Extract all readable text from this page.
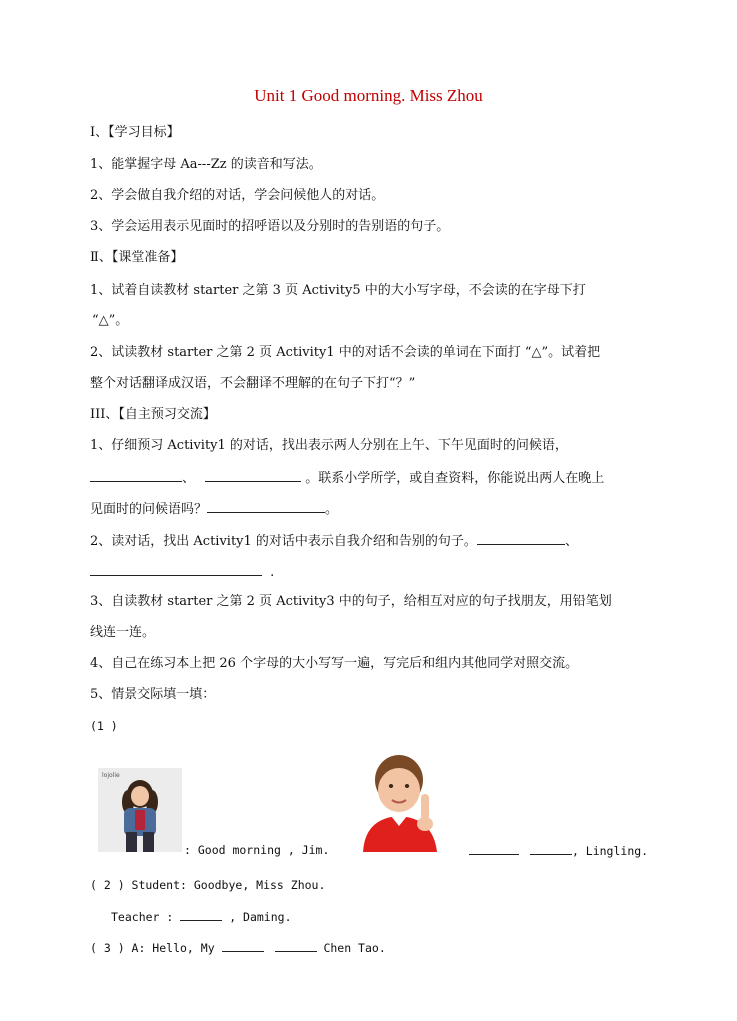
Unit 1 Good morning. Miss Zhou
Ⅰ、【学习目标】
1、能掌握字母 Aa---Zz 的读音和写法。
2、学会做自我介绍的对话，学会问候他人的对话。
3、学会运用表示见面时的招呼语以及分别时的告别语的句子。
Ⅱ、【课堂准备】
1、试着自读教材 starter 之第 3 页 Activity5 中的大小写字母，不会读的在字母下打
“△”。
2、试读教材 starter 之第 2 页 Activity1 中的对话不会读的单词在下面打 “△”。试着把
整个对话翻译成汉语，不会翻译不理解的在句子下打“？”
III、【自主预习交流】
1、仔细预习 Activity1 的对话，找出表示两人分别在上午、下午见面时的问候语，
、	。联系小学所学，或自查资料，你能说出两人在晚上
见面时的问候语吗？	。
2、读对话，找出 Activity1 的对话中表示自我介绍和告别的句子。	、
.
3、自读教材 starter 之第 2 页 Activity3 中的句子，给相互对应的句子找朋友，用铅笔划
线连一连。
4、自己在练习本上把 26 个字母的大小写写一遍，写完后和组内其他同学对照交流。
5、情景交际填一填：
(1 )
lojolie
: Good morning , Jim.	, Lingling.
( 2 ) Student: Goodbye, Miss Zhou.
Teacher :	, Daming.
( 3 ) A: Hello, My	Chen Tao.
